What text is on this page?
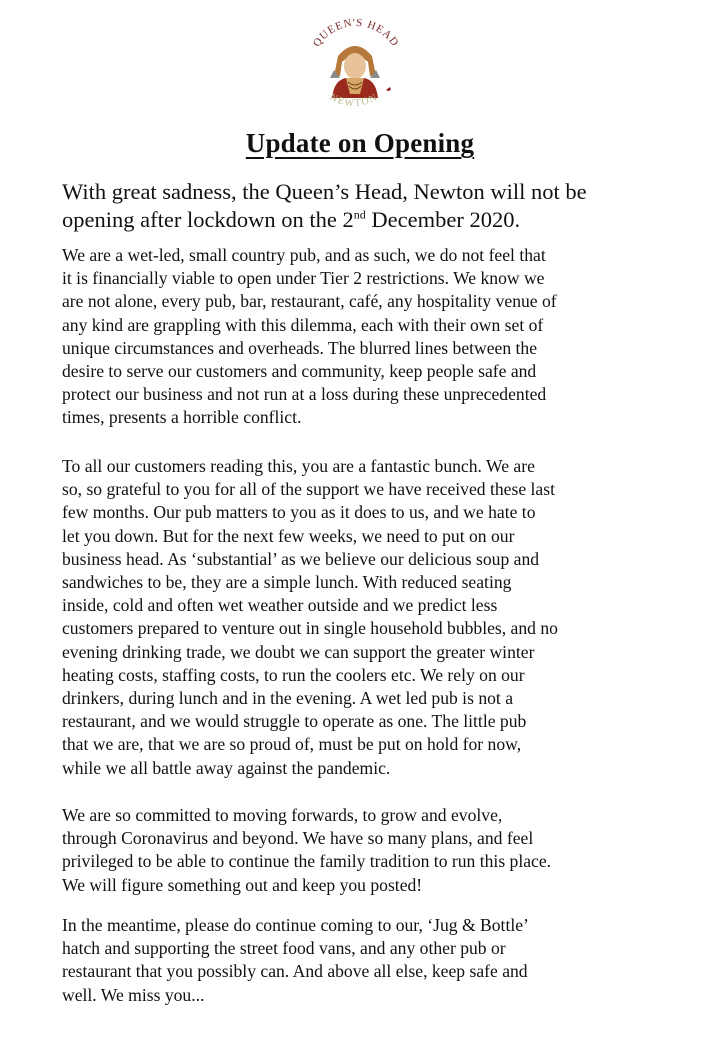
QUEEN'S HEAD
NEWTON
Update on Opening
With great sadness, the Queen’s Head, Newton will not be
opening after lockdown on the 2nd December 2020.
We are a wet-led, small country pub, and as such, we do not feel that
it is financially viable to open under Tier 2 restrictions. We know we
are not alone, every pub, bar, restaurant, café, any hospitality venue of
any kind are grappling with this dilemma, each with their own set of
unique circumstances and overheads. The blurred lines between the
desire to serve our customers and community, keep people safe and
protect our business and not run at a loss during these unprecedented
times, presents a horrible conflict.
To all our customers reading this, you are a fantastic bunch. We are
so, so grateful to you for all of the support we have received these last
few months. Our pub matters to you as it does to us, and we hate to
let you down. But for the next few weeks, we need to put on our
business head. As ‘substantial’ as we believe our delicious soup and
sandwiches to be, they are a simple lunch. With reduced seating
inside, cold and often wet weather outside and we predict less
customers prepared to venture out in single household bubbles, and no
evening drinking trade, we doubt we can support the greater winter
heating costs, staffing costs, to run the coolers etc. We rely on our
drinkers, during lunch and in the evening. A wet led pub is not a
restaurant, and we would struggle to operate as one. The little pub
that we are, that we are so proud of, must be put on hold for now,
while we all battle away against the pandemic.
We are so committed to moving forwards, to grow and evolve,
through Coronavirus and beyond. We have so many plans, and feel
privileged to be able to continue the family tradition to run this place.
We will figure something out and keep you posted!
In the meantime, please do continue coming to our, ‘Jug & Bottle’
hatch and supporting the street food vans, and any other pub or
restaurant that you possibly can. And above all else, keep safe and
well. We miss you...
